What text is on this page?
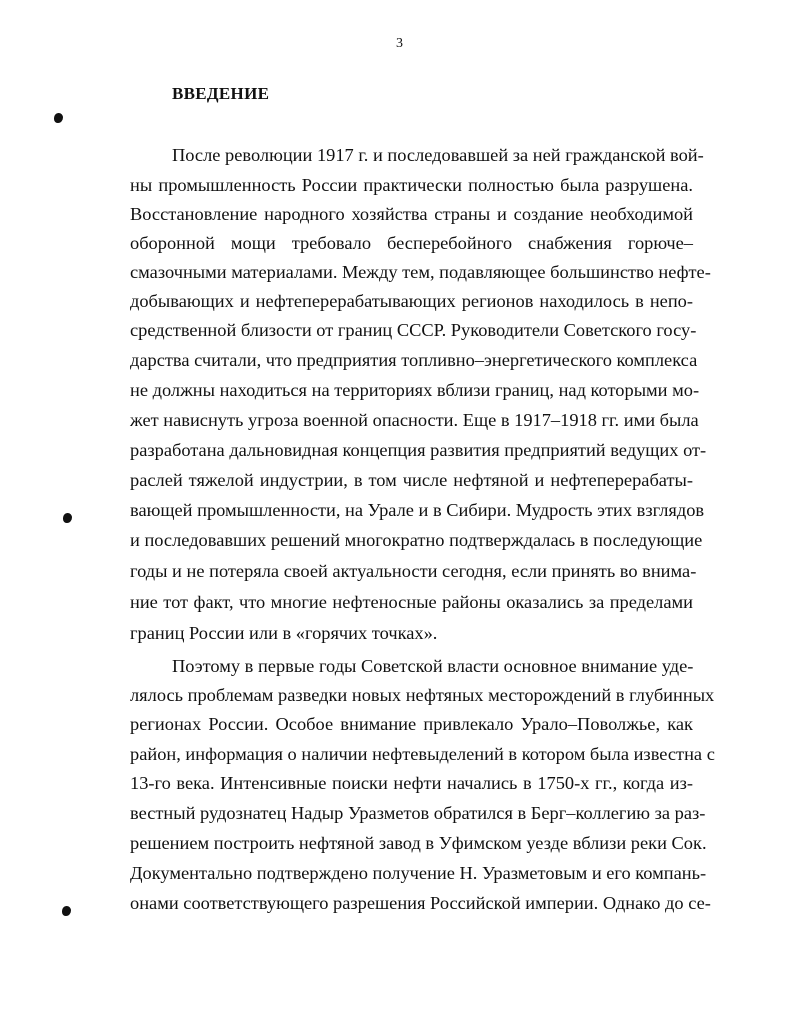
3
ВВЕДЕНИЕ
После революции 1917 г. и последовавшей за ней гражданской вой-
ны промышленность России практически полностью была разрушена.
Восстановление народного хозяйства страны и создание необходимой
оборонной мощи требовало бесперебойного снабжения горюче–
смазочными материалами. Между тем, подавляющее большинство нефте-
добывающих и нефтеперерабатывающих регионов находилось в непо-
средственной близости от границ СССР. Руководители Советского госу-
дарства считали, что предприятия топливно–энергетического комплекса
не должны находиться на территориях вблизи границ, над которыми мо-
жет нависнуть угроза военной опасности. Еще в 1917–1918 гг. ими была
разработана дальновидная концепция развития предприятий ведущих от-
раслей тяжелой индустрии, в том числе нефтяной и нефтеперерабаты-
вающей промышленности, на Урале и в Сибири. Мудрость этих взглядов
и последовавших решений многократно подтверждалась в последующие
годы и не потеряла своей актуальности сегодня, если принять во внима-
ние тот факт, что многие нефтеносные районы оказались за пределами
границ России или в «горячих точках».
Поэтому в первые годы Советской власти основное внимание уде-
лялось проблемам разведки новых нефтяных месторождений в глубинных
регионах России. Особое внимание привлекало Урало–Поволжье, как
район, информация о наличии нефтевыделений в котором была известна с
13-го века. Интенсивные поиски нефти начались в 1750-х гг., когда из-
вестный рудознатец Надыр Уразметов обратился в Берг–коллегию за раз-
решением построить нефтяной завод в Уфимском уезде вблизи реки Сок.
Документально подтверждено получение Н. Уразметовым и его компань-
онами соответствующего разрешения Российской империи. Однако до се-
